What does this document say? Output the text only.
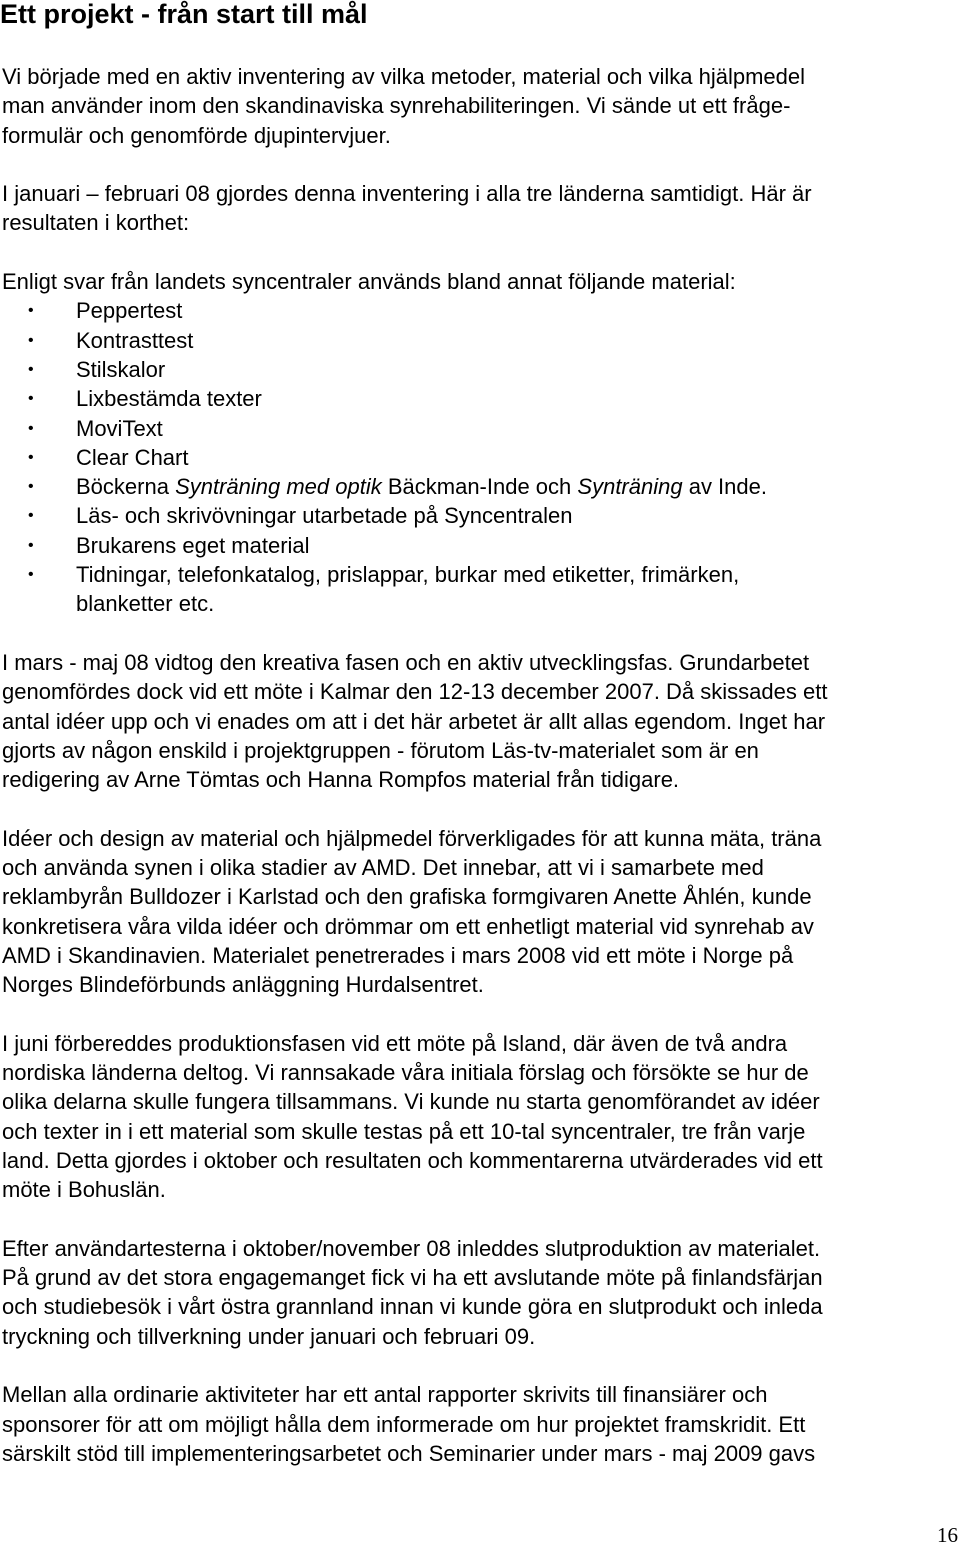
Ett projekt - från start till mål

Vi började med en aktiv inventering av vilka metoder, material och vilka hjälpmedel
man använder inom den skandinaviska synrehabiliteringen. Vi sände ut ett fråge-
formulär och genomförde djupintervjuer.

I januari – februari 08 gjordes denna inventering i alla tre länderna samtidigt. Här är
resultaten i korthet:

Enligt svar från landets syncentraler används bland annat följande material:

• Peppertest
• Kontrasttest
• Stilskalor
• Lixbestämda texter
• MoviText
• Clear Chart
• Böckerna Synträning med optik Bäckman-Inde och Synträning av Inde.
• Läs- och skrivövningar utarbetade på Syncentralen
• Brukarens eget material
• Tidningar, telefonkatalog, prislappar, burkar med etiketter, frimärken,
blanketter etc.

I mars - maj 08 vidtog den kreativa fasen och en aktiv utvecklingsfas. Grundarbetet
genomfördes dock vid ett möte i Kalmar den 12-13 december 2007. Då skissades ett
antal idéer upp och vi enades om att i det här arbetet är allt allas egendom. Inget har
gjorts av någon enskild i projektgruppen - förutom Läs-tv-materialet som är en
redigering av Arne Tömtas och Hanna Rompfos material från tidigare.

Idéer och design av material och hjälpmedel förverkligades för att kunna mäta, träna
och använda synen i olika stadier av AMD. Det innebar, att vi i samarbete med
reklambyrån Bulldozer i Karlstad och den grafiska formgivaren Anette Åhlén, kunde
konkretisera våra vilda idéer och drömmar om ett enhetligt material vid synrehab av
AMD i Skandinavien. Materialet penetrerades i mars 2008 vid ett möte i Norge på
Norges Blindeförbunds anläggning Hurdalsentret.

I juni förbereddes produktionsfasen vid ett möte på Island, där även de två andra
nordiska länderna deltog. Vi rannsakade våra initiala förslag och försökte se hur de
olika delarna skulle fungera tillsammans. Vi kunde nu starta genomförandet av idéer
och texter in i ett material som skulle testas på ett 10-tal syncentraler, tre från varje
land. Detta gjordes i oktober och resultaten och kommentarerna utvärderades vid ett
möte i Bohuslän.

Efter användartesterna i oktober/november 08 inleddes slutproduktion av materialet.
På grund av det stora engagemanget fick vi ha ett avslutande möte på finlandsfärjan
och studiebesök i vårt östra grannland innan vi kunde göra en slutprodukt och inleda
tryckning och tillverkning under januari och februari 09.

Mellan alla ordinarie aktiviteter har ett antal rapporter skrivits till finansiärer och
sponsorer för att om möjligt hålla dem informerade om hur projektet framskridit. Ett
särskilt stöd till implementeringsarbetet och Seminarier under mars - maj 2009 gavs

16
